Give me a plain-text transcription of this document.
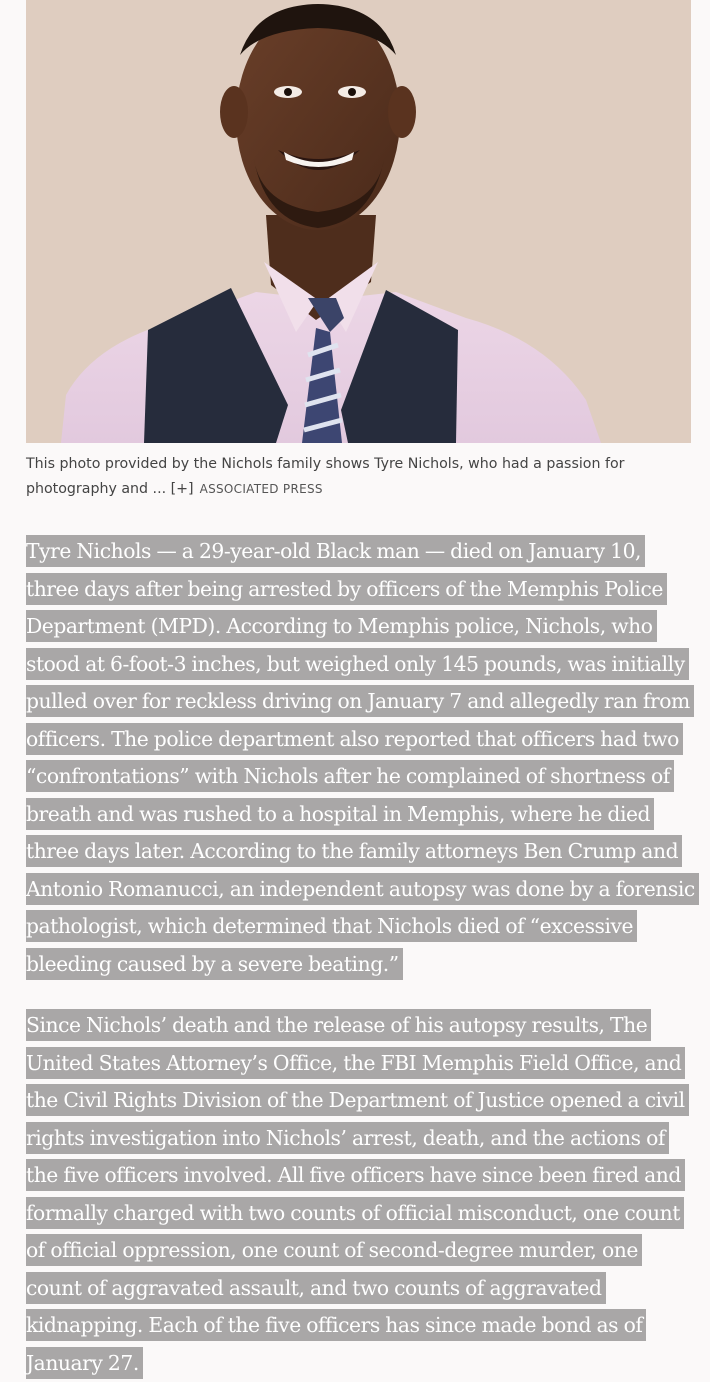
This photo provided by the Nichols family shows Tyre Nichols, who had a passion for photography and ... [+] ASSOCIATED PRESS

Tyre Nichols — a 29-year-old Black man — died on January 10, three days after being arrested by officers of the Memphis Police Department (MPD). According to Memphis police, Nichols, who stood at 6-foot-3 inches, but weighed only 145 pounds, was initially pulled over for reckless driving on January 7 and allegedly ran from officers. The police department also reported that officers had two “confrontations” with Nichols after he complained of shortness of breath and was rushed to a hospital in Memphis, where he died three days later. According to the family attorneys Ben Crump and Antonio Romanucci, an independent autopsy was done by a forensic pathologist, which determined that Nichols died of “excessive bleeding caused by a severe beating.”

Since Nichols’ death and the release of his autopsy results, The United States Attorney’s Office, the FBI Memphis Field Office, and the Civil Rights Division of the Department of Justice opened a civil rights investigation into Nichols’ arrest, death, and the actions of the five officers involved. All five officers have since been fired and formally charged with two counts of official misconduct, one count of official oppression, one count of second-degree murder, one count of aggravated assault, and two counts of aggravated kidnapping. Each of the five officers has since made bond as of January 27.
